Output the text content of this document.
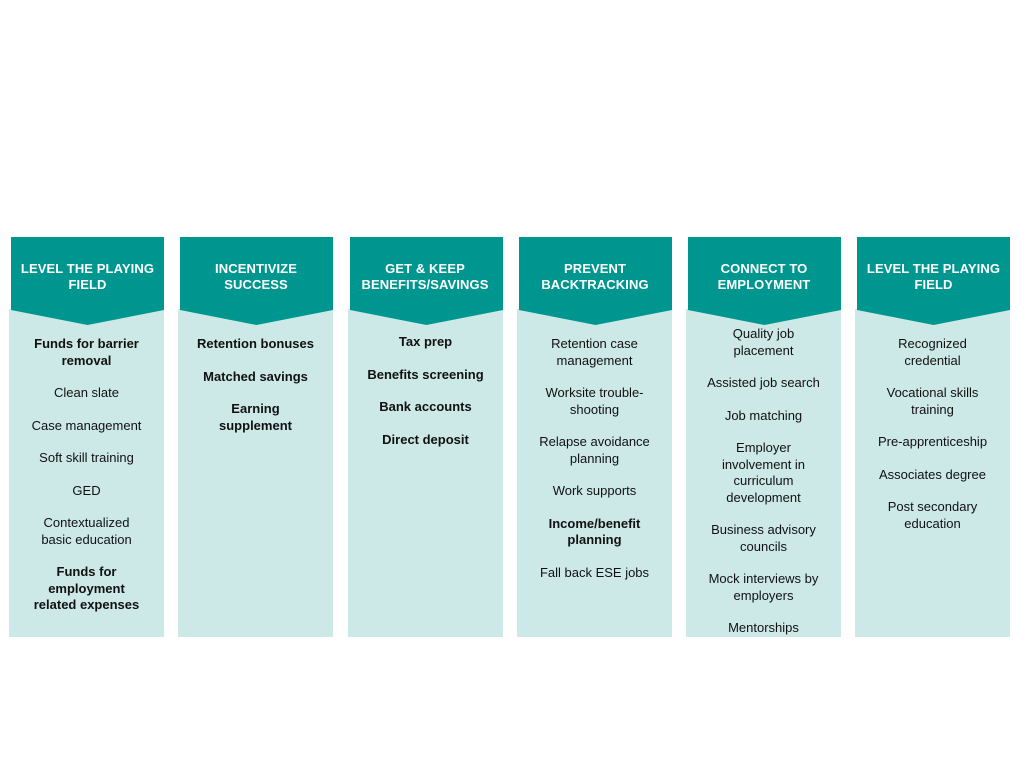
LEVEL THE PLAYING FIELD
Funds for barrier removal
Clean slate
Case management
Soft skill training
GED
Contextualized basic education
Funds for employment related expenses
INCENTIVIZE SUCCESS
Retention bonuses
Matched savings
Earning supplement
GET & KEEP BENEFITS/SAVINGS
Tax prep
Benefits screening
Bank accounts
Direct deposit
PREVENT BACKTRACKING
Retention case management
Worksite trouble-shooting
Relapse avoidance planning
Work supports
Income/benefit planning
Fall back ESE jobs
CONNECT TO EMPLOYMENT
Quality job placement
Assisted job search
Job matching
Employer involvement in curriculum development
Business advisory councils
Mock interviews by employers
Mentorships
LEVEL THE PLAYING FIELD
Recognized credential
Vocational skills training
Pre-apprenticeship
Associates degree
Post secondary education
